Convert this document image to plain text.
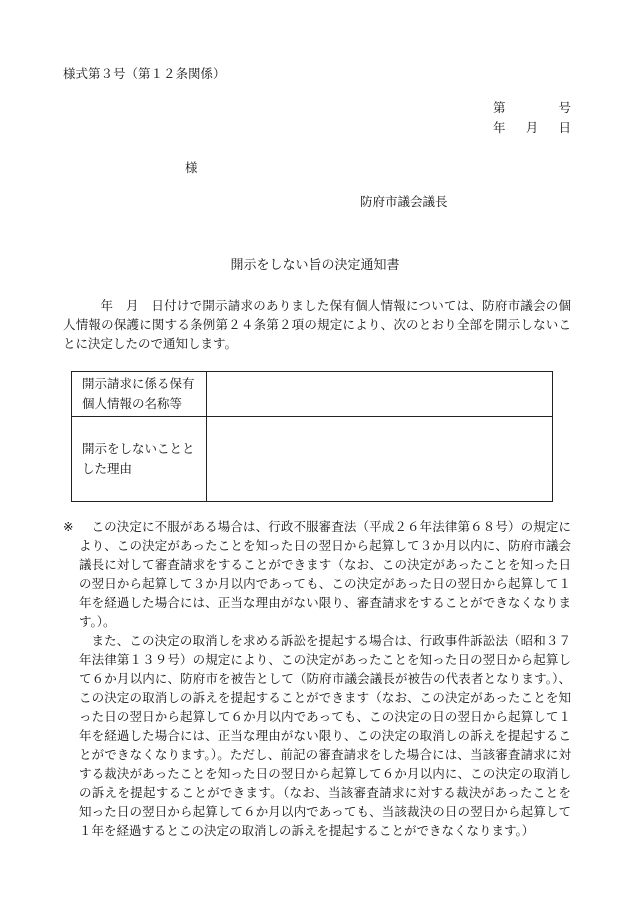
様式第３号（第１２条関係）
第	号
年 月 日
様
防府市議会議長
開示をしない旨の決定通知書

年　月　日付けで開示請求のありました保有個人情報については、防府市議会の個人情報の保護に関する条例第２４条第２項の規定により、次のとおり全部を開示しないことに決定したので通知します。

開示請求に係る保有個人情報の名称等	
開示をしないこととした理由	
※	この決定に不服がある場合は、行政不服審査法（平成２６年法律第６８号）の規定により、この決定があったことを知った日の翌日から起算して３か月以内に、防府市議会議長に対して審査請求をすることができます（なお、この決定があったことを知った日の翌日から起算して３か月以内であっても、この決定があった日の翌日から起算して１年を経過した場合には、正当な理由がない限り、審査請求をすることができなくなります。）。

また、この決定の取消しを求める訴訟を提起する場合は、行政事件訴訟法（昭和３７年法律第１３９号）の規定により、この決定があったことを知った日の翌日から起算して６か月以内に、防府市を被告として（防府市議会議長が被告の代表者となります。）、この決定の取消しの訴えを提起することができます（なお、この決定があったことを知った日の翌日から起算して６か月以内であっても、この決定の日の翌日から起算して１年を経過した場合には、正当な理由がない限り、この決定の取消しの訴えを提起することができなくなります。）。ただし、前記の審査請求をした場合には、当該審査請求に対する裁決があったことを知った日の翌日から起算して６か月以内に、この決定の取消しの訴えを提起することができます。（なお、当該審査請求に対する裁決があったことを知った日の翌日から起算して６か月以内であっても、当該裁決の日の翌日から起算して１年を経過するとこの決定の取消しの訴えを提起することができなくなります。）
